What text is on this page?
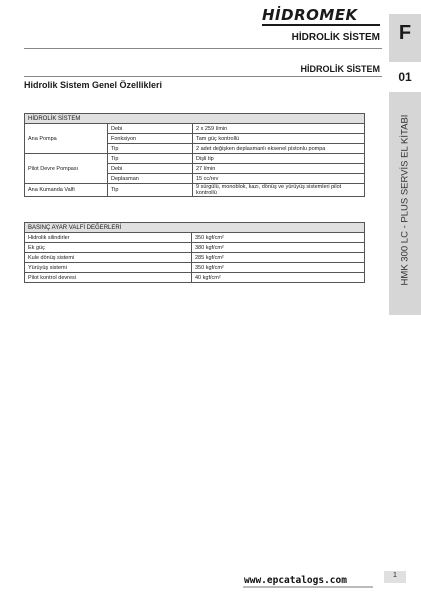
HİDROMEK
HİDROLİK SİSTEM
HİDROLİK SİSTEM
F
01
HMK 300 LC - PLUS SERVİS EL KİTABI
Hidrolik Sistem Genel Özellikleri
HİDROLİK SİSTEM		
Ana Pompa	Debi	2 x 259 l/min
	Fonksiyon	Tam güç kontrollü
	Tip	2 adet değişken deplasmanlı eksenel pistonlu pompa
Pilot Devre Pompası	Tip	Dişli tip
	Debi	27 l/min
	Deplasman	15 cc/rev
Ana Kumanda Valfi	Tip	9 sürgülü, monoblok, kazı, dönüş ve yürüyüş sistemleri pilot kontrollü
BASINÇ AYAR VALFİ DEĞERLERİ	
Hidrolik silindirler	350 kgf/cm²
Ek güç	380 kgf/cm²
Kule dönüş sistemi	285 kgf/cm²
Yürüyüş sistemi	350 kgf/cm²
Pilot kontrol devresi	40 kgf/cm²
www.epcatalogs.com	1
